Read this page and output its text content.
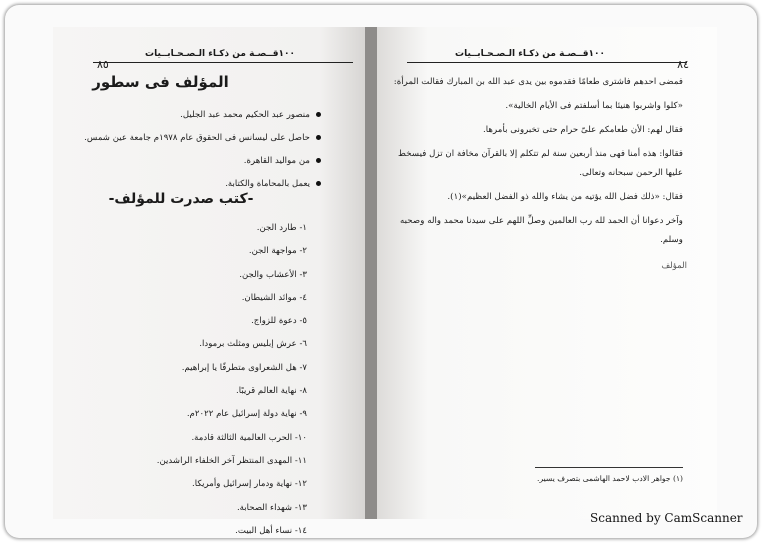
١٠٠قــصـة من ذكـاء الـصـحـابــيات
٨٥
المؤلف فى سطور
منصور عبد الحكيم محمد عبد الجليل.
حاصل على ليسانس فى الحقوق عام ١٩٧٨م جامعة عين شمس.
من مواليد القاهرة.
يعمل بالمحاماة والكتابة.
-كتب صدرت للمؤلف-
١- طارد الجن.
٢- مواجهة الجن.
٣- الأعشاب والجن.
٤- موائد الشيطان.
٥- دعوة للزواج.
٦- عرش إبليس ومثلث برمودا.
٧- هل الشعراوى متطرفًا يا إبراهيم.
٨- نهاية العالم قريبًا.
٩- نهاية دولة إسرائيل عام ٢٠٢٢م.
١٠- الحرب العالمية الثالثة قادمة.
١١- المهدى المنتظر آخر الخلفاء الراشدين.
١٢- نهاية ودمار إسرائيل وأمريكا.
١٣- شهداء الصحابة.
١٤- نساء أهل البيت.
١٠٠قــصـة من ذكـاء الـصـحـابــيات
٨٤

فمضى احدهم فاشترى طعامًا فقدموه بين يدى عبد الله بن المبارك فقالت المرأة:

«كلوا واشربوا هنيئا بما أسلفتم فى الأيام الخالية».

فقال لهم: الأن طعامكم علىّ حرام حتى تخبرونى بأمرها.

فقالوا: هذه أمنا فهى منذ أربعين سنة لم تتكلم إلا بالقرآن مخافة ان تزل فيسخط عليها الرحمن سبحانه وتعالى.

فقال: «ذلك فضل الله يؤتيه من يشاء والله ذو الفضل العظيم»(١).

وآخر دعوانا أن الحمد لله رب العالمين وصلِّ اللهم على سيدنا محمد واله وصحبه وسلم.

المؤلف
(١) جواهر الادب لاحمد الهاشمى بتصرف يسير.
Scanned by CamScanner
